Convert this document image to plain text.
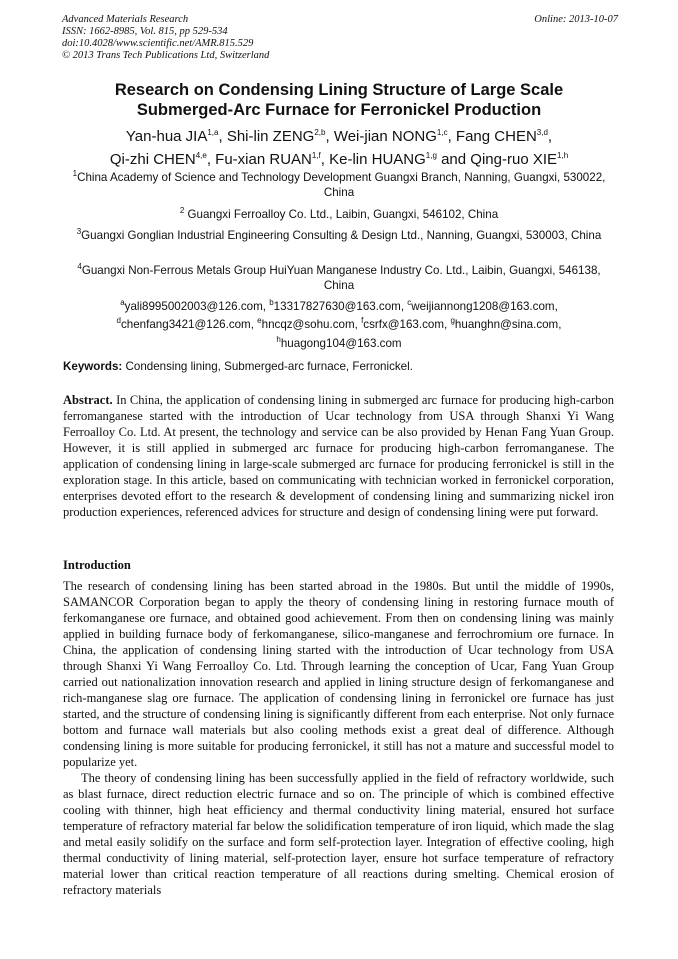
Advanced Materials Research
ISSN: 1662-8985, Vol. 815, pp 529-534
doi:10.4028/www.scientific.net/AMR.815.529
© 2013 Trans Tech Publications Ltd, Switzerland
Online: 2013-10-07
Research on Condensing Lining Structure of Large Scale
Submerged-Arc Furnace for Ferronickel Production
Yan-hua JIA$^{1,a}$, Shi-lin ZENG$^{2,b}$, Wei-jian NONG$^{1,c}$, Fang CHEN$^{3,d}$,
Qi-zhi CHEN$^{4,e}$, Fu-xian RUAN$^{1,f}$, Ke-lin HUANG$^{1,g}$ and Qing-ruo XIE$^{1,h}$
$^1$China Academy of Science and Technology Development Guangxi Branch, Nanning, Guangxi, 530022, China
$^2$ Guangxi Ferroalloy Co. Ltd., Laibin, Guangxi, 546102, China
$^3$Guangxi Gonglian Industrial Engineering Consulting & Design Ltd., Nanning, Guangxi, 530003, China
$^4$Guangxi Non-Ferrous Metals Group HuiYuan Manganese Industry Co. Ltd., Laibin, Guangxi, 546138, China
$^a$yali8995002003@126.com, $^b$13317827630@163.com, $^c$weijiannong1208@163.com,
$^d$chenfang3421@126.com, $^e$hncqz@sohu.com, $^f$csrfx@163.com, $^g$huanghn@sina.com,
$^h$huagong104@163.com
Keywords: Condensing lining, Submerged-arc furnace, Ferronickel.
Abstract. In China, the application of condensing lining in submerged arc furnace for producing high-carbon ferromanganese started with the introduction of Ucar technology from USA through Shanxi Yi Wang Ferroalloy Co. Ltd. At present, the technology and service can be also provided by Henan Fang Yuan Group. However, it is still applied in submerged arc furnace for producing high-carbon ferromanganese. The application of condensing lining in large-scale submerged arc furnace for producing ferronickel is still in the exploration stage. In this article, based on communicating with technician worked in ferronickel corporation, enterprises devoted effort to the research & development of condensing lining and summarizing nickel iron production experiences, referenced advices for structure and design of condensing lining were put forward.
Introduction

The research of condensing lining has been started abroad in the 1980s. But until the middle of 1990s, SAMANCOR Corporation began to apply the theory of condensing lining in restoring furnace mouth of ferkomanganese ore furnace, and obtained good achievement. From then on condensing lining was mainly applied in building furnace body of ferkomanganese, silico-manganese and ferrochromium ore furnace. In China, the application of condensing lining started with the introduction of Ucar technology from USA through Shanxi Yi Wang Ferroalloy Co. Ltd. Through learning the conception of Ucar, Fang Yuan Group carried out nationalization innovation research and applied in lining structure design of ferkomanganese and rich-manganese slag ore furnace. The application of condensing lining in ferronickel ore furnace has just started, and the structure of condensing lining is significantly different from each enterprise. Not only furnace bottom and furnace wall materials but also cooling methods exist a great deal of difference. Although condensing lining is more suitable for producing ferronickel, it still has not a mature and successful model to popularize yet.

The theory of condensing lining has been successfully applied in the field of refractory worldwide, such as blast furnace, direct reduction electric furnace and so on. The principle of which is combined effective cooling with thinner, high heat efficiency and thermal conductivity lining material, ensured hot surface temperature of refractory material far below the solidification temperature of iron liquid, which made the slag and metal easily solidify on the surface and form self-protection layer. Integration of effective cooling, high thermal conductivity of lining material, self-protection layer, ensure hot surface temperature of refractory material lower than critical reaction temperature of all reactions during smelting. Chemical erosion of refractory materials
